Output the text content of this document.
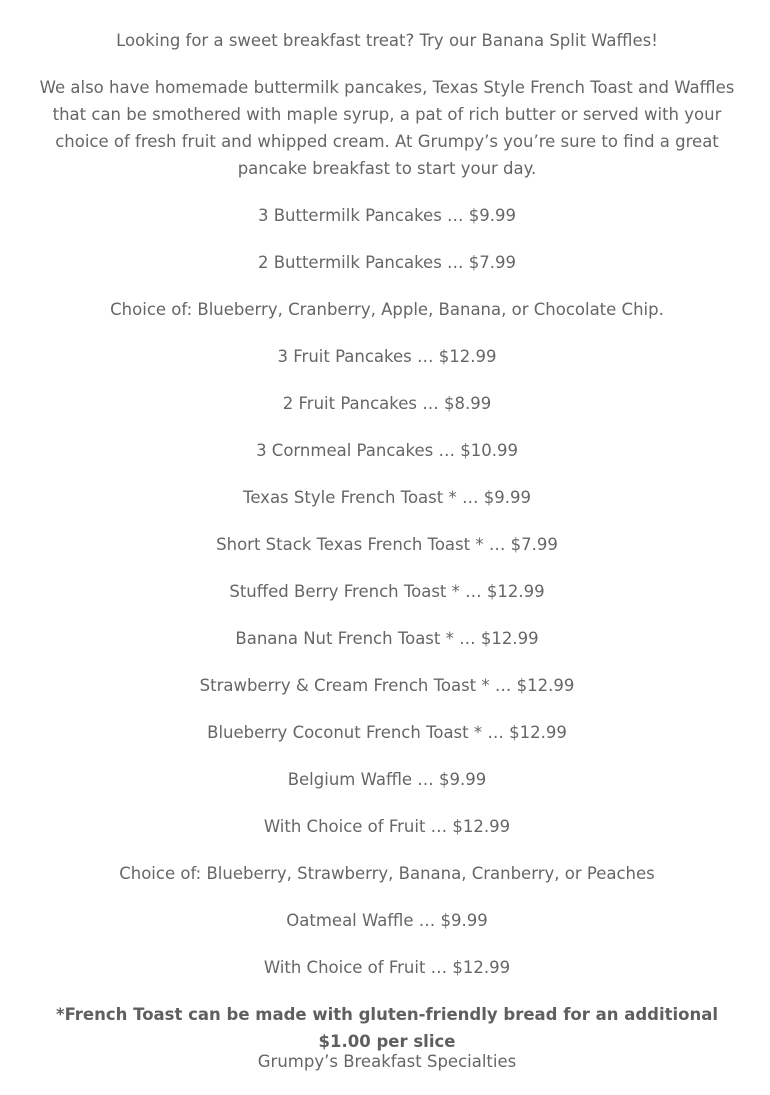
Looking for a sweet breakfast treat? Try our Banana Split Waffles!

We also have homemade buttermilk pancakes, Texas Style French Toast and Waffles that can be smothered with maple syrup, a pat of rich butter or served with your choice of fresh fruit and whipped cream. At Grumpy’s you’re sure to find a great pancake breakfast to start your day.

3 Buttermilk Pancakes … $9.99

2 Buttermilk Pancakes … $7.99

Choice of: Blueberry, Cranberry, Apple, Banana, or Chocolate Chip.

3 Fruit Pancakes … $12.99

2 Fruit Pancakes … $8.99

3 Cornmeal Pancakes … $10.99

Texas Style French Toast * … $9.99

Short Stack Texas French Toast * … $7.99

Stuffed Berry French Toast * … $12.99

Banana Nut French Toast * … $12.99

Strawberry & Cream French Toast * … $12.99

Blueberry Coconut French Toast * … $12.99

Belgium Waffle … $9.99

With Choice of Fruit … $12.99

Choice of: Blueberry, Strawberry, Banana, Cranberry, or Peaches

Oatmeal Waffle … $9.99

With Choice of Fruit … $12.99

*French Toast can be made with gluten-friendly bread for an additional $1.00 per slice

Grumpy’s Breakfast Specialties
